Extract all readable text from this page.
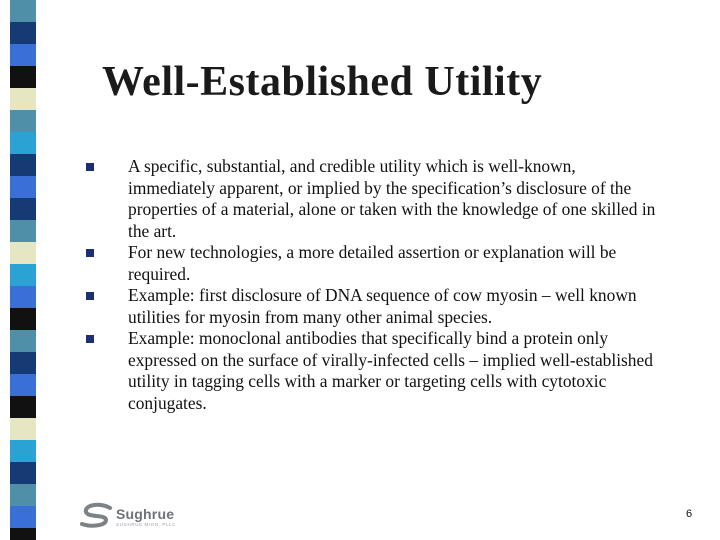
Well-Established Utility
A specific, substantial, and credible utility which is well-known, immediately apparent, or implied by the specification’s disclosure of the properties of a material, alone or taken with the knowledge of one skilled in the art.
For new technologies, a more detailed assertion or explanation will be required.
Example: first disclosure of DNA sequence of cow myosin – well known utilities for myosin from many other animal species.
Example: monoclonal antibodies that specifically bind a protein only expressed on the surface of virally-infected cells – implied well-established utility in tagging cells with a marker or targeting cells with cytotoxic conjugates.
Sughrue
SUGHRUE MION, PLLC
6
